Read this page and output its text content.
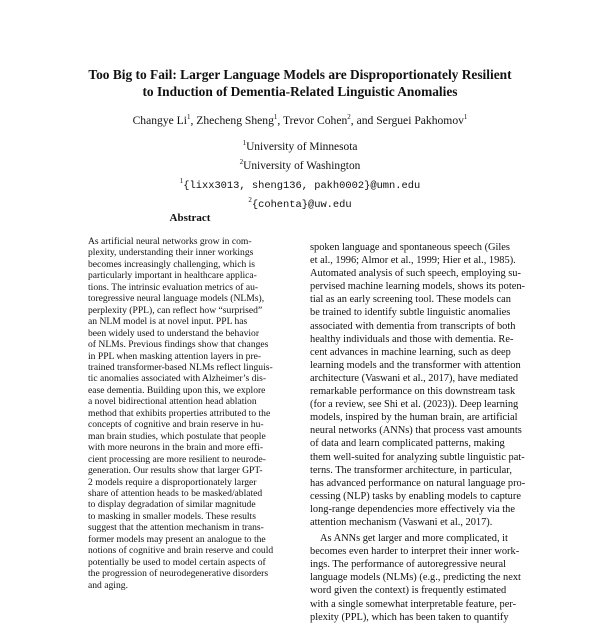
Too Big to Fail: Larger Language Models are Disproportionately Resilient
to Induction of Dementia-Related Linguistic Anomalies
Changye Li$^1$, Zhecheng Sheng$^1$, Trevor Cohen$^2$, and Serguei Pakhomov$^1$
$^1$University of Minnesota
$^2$University of Washington
$^1${lixx3013, sheng136, pakh0002}@umn.edu
$^2${cohenta}@uw.edu
Abstract
As artificial neural networks grow in com-
plexity, understanding their inner workings
becomes increasingly challenging, which is
particularly important in healthcare applica-
tions. The intrinsic evaluation metrics of au-
toregressive neural language models (NLMs),
perplexity (PPL), can reflect how “surprised”
an NLM model is at novel input. PPL has
been widely used to understand the behavior
of NLMs. Previous findings show that changes
in PPL when masking attention layers in pre-
trained transformer-based NLMs reflect linguis-
tic anomalies associated with Alzheimer’s dis-
ease dementia. Building upon this, we explore
a novel bidirectional attention head ablation
method that exhibits properties attributed to the
concepts of cognitive and brain reserve in hu-
man brain studies, which postulate that people
with more neurons in the brain and more effi-
cient processing are more resilient to neurode-
generation. Our results show that larger GPT-
2 models require a disproportionately larger
share of attention heads to be masked/ablated
to display degradation of similar magnitude
to masking in smaller models. These results
suggest that the attention mechanism in trans-
former models may present an analogue to the
notions of cognitive and brain reserve and could
potentially be used to model certain aspects of
the progression of neurodegenerative disorders
and aging.
spoken language and spontaneous speech (Giles
et al., 1996; Almor et al., 1999; Hier et al., 1985).
Automated analysis of such speech, employing su-
pervised machine learning models, shows its poten-
tial as an early screening tool. These models can
be trained to identify subtle linguistic anomalies
associated with dementia from transcripts of both
healthy individuals and those with dementia. Re-
cent advances in machine learning, such as deep
learning models and the transformer with attention
architecture (Vaswani et al., 2017), have mediated
remarkable performance on this downstream task
(for a review, see Shi et al. (2023)). Deep learning
models, inspired by the human brain, are artificial
neural networks (ANNs) that process vast amounts
of data and learn complicated patterns, making
them well-suited for analyzing subtle linguistic pat-
terns. The transformer architecture, in particular,
has advanced performance on natural language pro-
cessing (NLP) tasks by enabling models to capture
long-range dependencies more effectively via the
attention mechanism (Vaswani et al., 2017).
As ANNs get larger and more complicated, it
becomes even harder to interpret their inner work-
ings. The performance of autoregressive neural
language models (NLMs) (e.g., predicting the next
word given the context) is frequently estimated
with a single somewhat interpretable feature, per-
plexity (PPL), which has been taken to quantify
